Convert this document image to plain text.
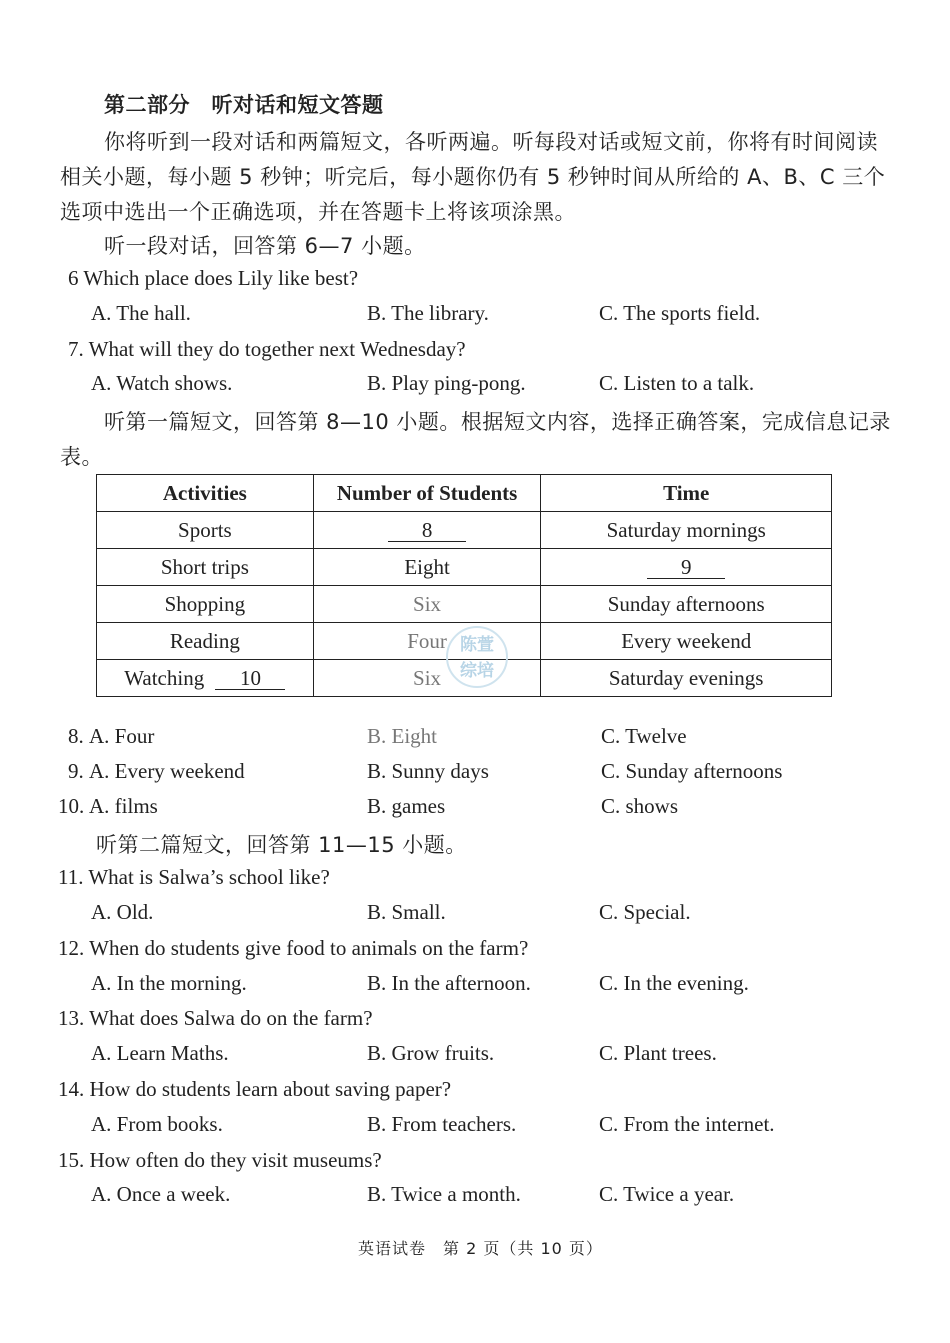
第二部分　听对话和短文答题
你将听到一段对话和两篇短文，各听两遍。听每段对话或短文前，你将有时间阅读
相关小题，每小题 5 秒钟；听完后，每小题你仍有 5 秒钟时间从所给的 A、B、C 三个
选项中选出一个正确选项，并在答题卡上将该项涂黑。
听一段对话，回答第 6—7 小题。
6 Which place does Lily like best?
A. The hall.	B. The library.	C. The sports field.
7. What will they do together next Wednesday?
A. Watch shows.	B. Play ping-pong.	C. Listen to a talk.
听第一篇短文，回答第 8—10 小题。根据短文内容，选择正确答案，完成信息记录
表。
Activities	Number of Students	Time
Sports	8	Saturday mornings
Short trips	Eight	9
Shopping	Six	Sunday afternoons
Reading	Four	Every weekend
Watching 10	Six	Saturday evenings
陈萱
综培
8. A. Four	B. Eight	C. Twelve
9. A. Every weekend	B. Sunny days	C. Sunday afternoons
10. A. films	B. games	C. shows
听第二篇短文，回答第 11—15 小题。
11. What is Salwa’s school like?
A. Old.	B. Small.	C. Special.
12. When do students give food to animals on the farm?
A. In the morning.	B. In the afternoon.	C. In the evening.
13. What does Salwa do on the farm?
A. Learn Maths.	B. Grow fruits.	C. Plant trees.
14. How do students learn about saving paper?
A. From books.	B. From teachers.	C. From the internet.
15. How often do they visit museums?
A. Once a week.	B. Twice a month.	C. Twice a year.
英语试卷　第 2 页（共 10 页）
